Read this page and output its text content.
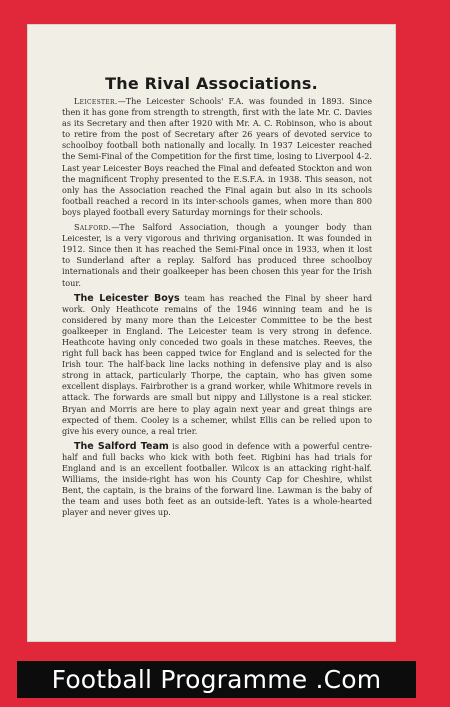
The Rival Associations.

Leicester.—The Leicester Schools' F.A. was founded in 1893. Since then it has gone from strength to strength, first with the late Mr. C. Davies as its Secretary and then after 1920 with Mr. A. C. Robinson, who is about to retire from the post of Secretary after 26 years of devoted service to schoolboy football both nationally and locally. In 1937 Leicester reached the Semi-Final of the Competition for the first time, losing to Liverpool 4-2. Last year Leicester Boys reached the Final and defeated Stockton and won the magnificent Trophy presented to the E.S.F.A. in 1938. This season, not only has the Association reached the Final again but also in its schools football reached a record in its inter-schools games, when more than 800 boys played football every Saturday mornings for their schools.

Salford.—The Salford Association, though a younger body than Leicester, is a very vigorous and thriving organisation. It was founded in 1912. Since then it has reached the Semi-Final once in 1933, when it lost to Sunderland after a replay. Salford has produced three schoolboy internationals and their goalkeeper has been chosen this year for the Irish tour.

The Leicester Boys team has reached the Final by sheer hard work. Only Heathcote remains of the 1946 winning team and he is considered by many more than the Leicester Committee to be the best goalkeeper in England. The Leicester team is very strong in defence. Heathcote having only conceded two goals in these matches. Reeves, the right full back has been capped twice for England and is selected for the Irish tour. The half-back line lacks nothing in defensive play and is also strong in attack, particularly Thorpe, the captain, who has given some excellent displays. Fairbrother is a grand worker, while Whitmore revels in attack. The forwards are small but nippy and Lillystone is a real sticker. Bryan and Morris are here to play again next year and great things are expected of them. Cooley is a schemer, whilst Ellis can be relied upon to give his every ounce, a real trier.

The Salford Team is also good in defence with a powerful centre-half and full backs who kick with both feet. Rigbini has had trials for England and is an excellent footballer. Wilcox is an attacking right-half. Williams, the inside-right has won his County Cap for Cheshire, whilst Bent, the captain, is the brains of the forward line. Lawman is the baby of the team and uses both feet as an outside-left. Yates is a whole-hearted player and never gives up.

Football Programme .Com
